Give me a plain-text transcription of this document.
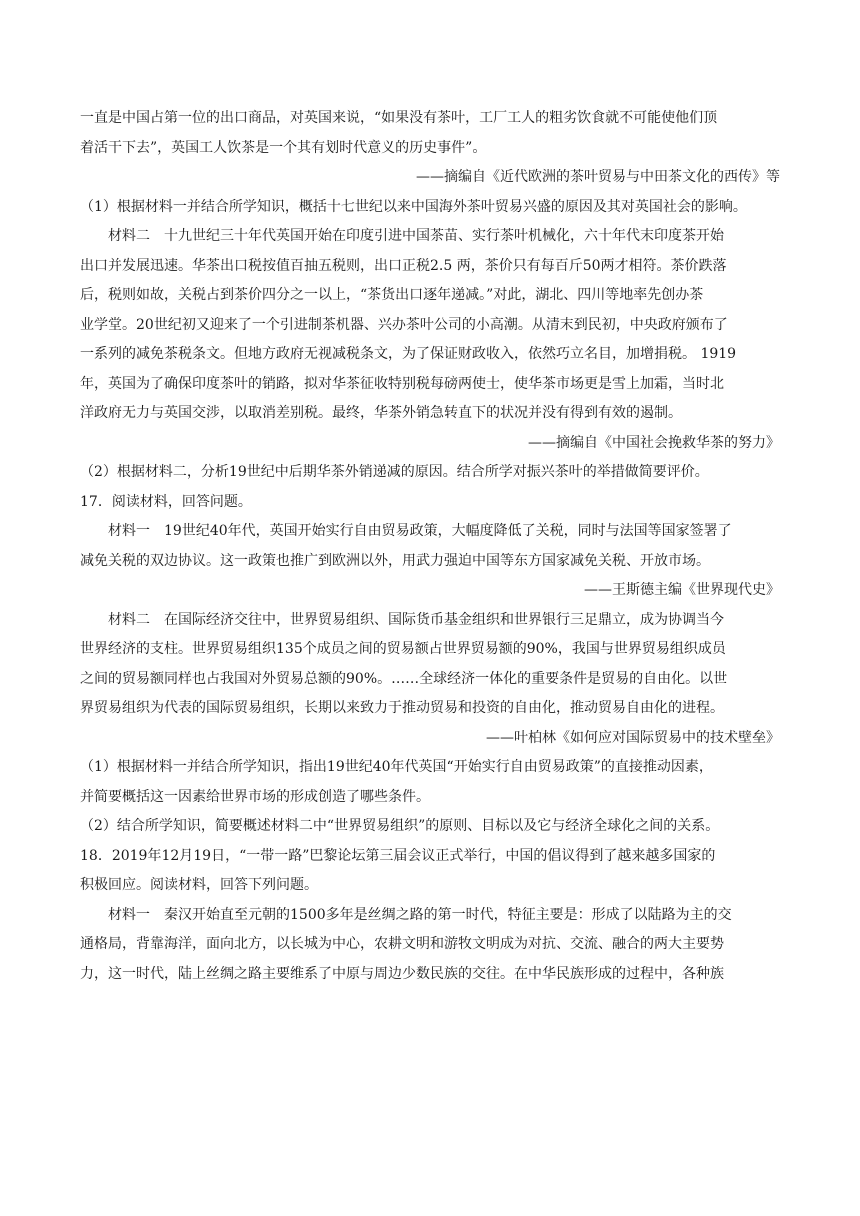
一直是中国占第一位的出口商品，对英国来说，“如果没有茶叶，工厂工人的粗劣饮食就不可能使他们顶
着活干下去”，英国工人饮茶是一个其有划时代意义的历史事件”。
——摘编自《近代欧洲的茶叶贸易与中田茶文化的西传》等
（1）根据材料一并结合所学知识，概括十七世纪以来中国海外茶叶贸易兴盛的原因及其对英国社会的影响。
材料二　十九世纪三十年代英国开始在印度引进中国茶苗、实行茶叶机械化，六十年代末印度茶开始
出口并发展迅速。华茶出口税按值百抽五税则，出口正税2.5 两，茶价只有每百斤50两才相符。茶价跌落
后，税则如故，关税占到茶价四分之一以上，“茶货出口逐年递减。”对此，湖北、四川等地率先创办茶
业学堂。20世纪初又迎来了一个引进制茶机器、兴办茶叶公司的小高潮。从清末到民初，中央政府颁布了
一系列的减免茶税条文。但地方政府无视减税条文，为了保证财政收入，依然巧立名目，加增捐税。 1919
年，英国为了确保印度茶叶的销路，拟对华茶征收特别税每磅两使士，使华茶市场更是雪上加霜，当时北
洋政府无力与英国交涉，以取消差别税。最终，华茶外销急转直下的状况并没有得到有效的遏制。
——摘编自《中国社会挽救华茶的努力》
（2）根据材料二，分析19世纪中后期华茶外销递减的原因。结合所学对振兴茶叶的举措做简要评价。
17．阅读材料，回答问题。
材料一　19世纪40年代，英国开始实行自由贸易政策，大幅度降低了关税，同时与法国等国家签署了
减免关税的双边协议。这一政策也推广到欧洲以外，用武力强迫中国等东方国家减免关税、开放市场。
——王斯德主编《世界现代史》
材料二　在国际经济交往中，世界贸易组织、国际货币基金组织和世界银行三足鼎立，成为协调当今
世界经济的支柱。世界贸易组织135个成员之间的贸易额占世界贸易额的90%，我国与世界贸易组织成员
之间的贸易额同样也占我国对外贸易总额的90%。……全球经济一体化的重要条件是贸易的自由化。以世
界贸易组织为代表的国际贸易组织，长期以来致力于推动贸易和投资的自由化，推动贸易自由化的进程。
——叶柏林《如何应对国际贸易中的技术壁垒》
（1）根据材料一并结合所学知识，指出19世纪40年代英国“开始实行自由贸易政策”的直接推动因素，
并简要概括这一因素给世界市场的形成创造了哪些条件。
（2）结合所学知识，简要概述材料二中“世界贸易组织”的原则、目标以及它与经济全球化之间的关系。
18．2019年12月19日，“一带一路”巴黎论坛第三届会议正式举行，中国的倡议得到了越来越多国家的
积极回应。阅读材料，回答下列问题。
材料一　秦汉开始直至元朝的1500多年是丝绸之路的第一时代，特征主要是：形成了以陆路为主的交
通格局，背靠海洋，面向北方，以长城为中心，农耕文明和游牧文明成为对抗、交流、融合的两大主要势
力，这一时代，陆上丝绸之路主要维系了中原与周边少数民族的交往。在中华民族形成的过程中，各种族
